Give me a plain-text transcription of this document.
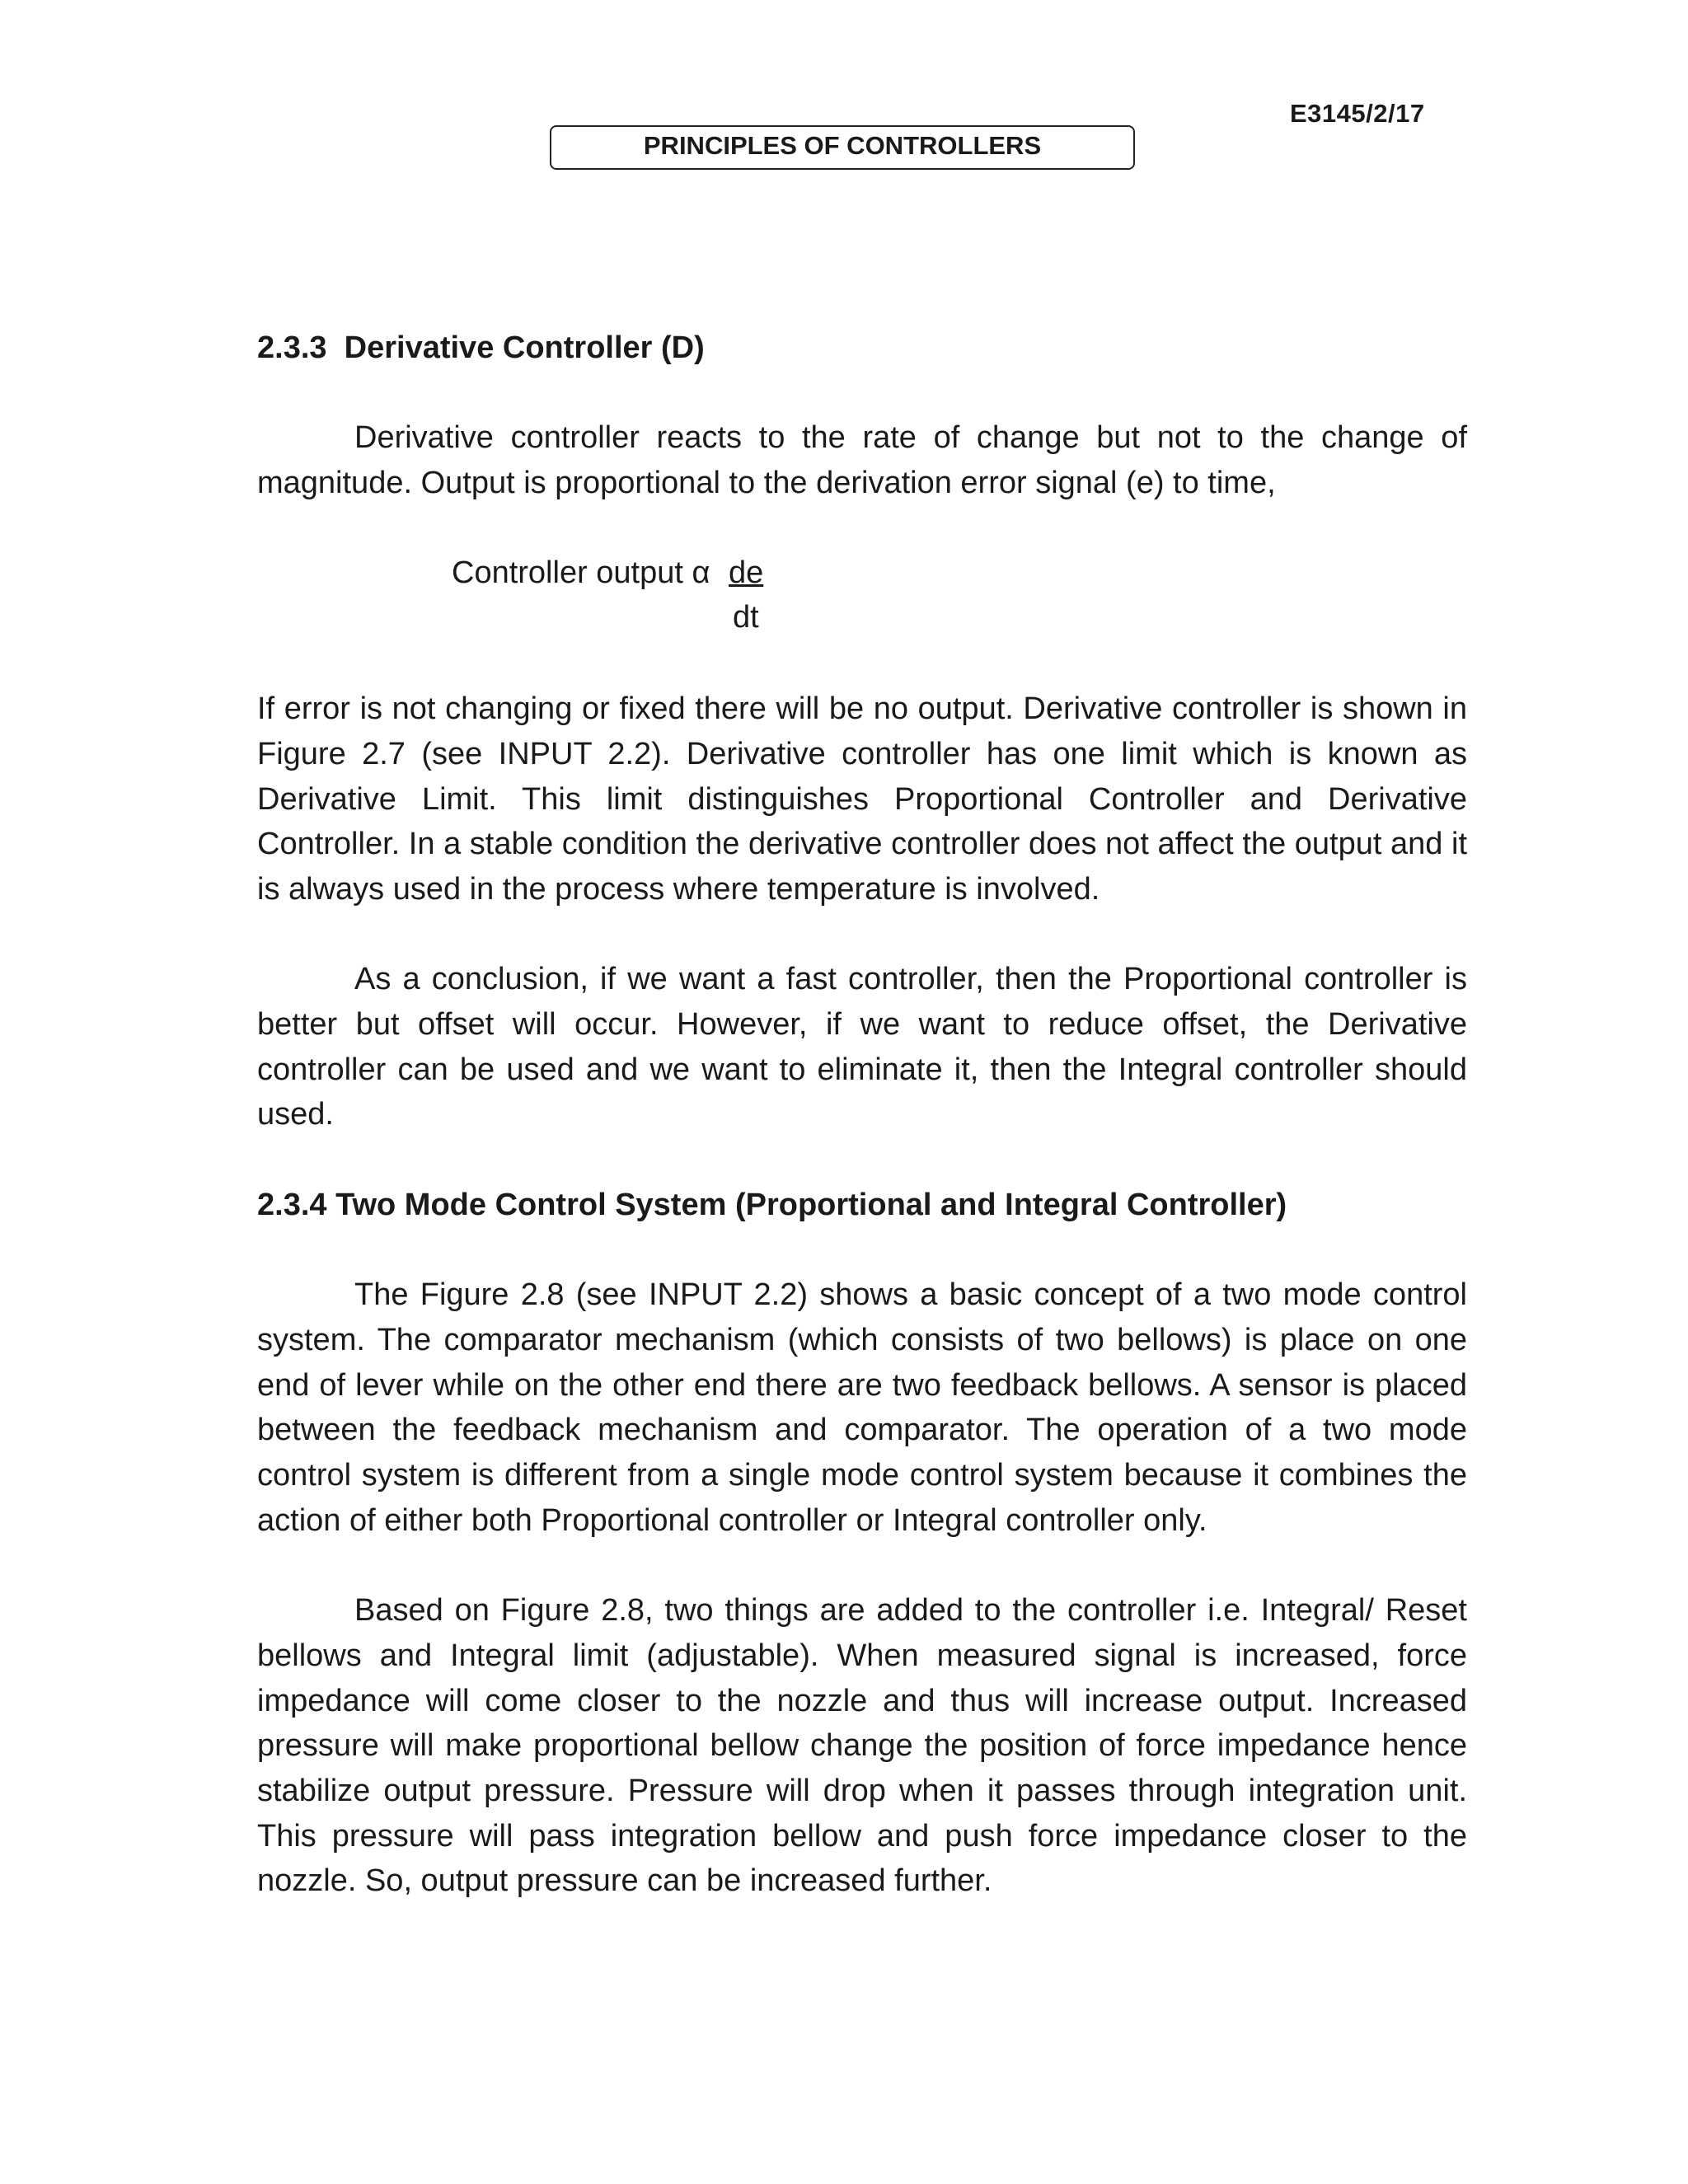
E3145/2/17
PRINCIPLES OF CONTROLLERS
2.3.3 Derivative Controller (D)

Derivative controller reacts to the rate of change but not to the change of magnitude. Output is proportional to the derivation error signal (e) to time,

Controller output α de
dt

If error is not changing or fixed there will be no output. Derivative controller is shown in Figure 2.7 (see INPUT 2.2). Derivative controller has one limit which is known as Derivative Limit. This limit distinguishes Proportional Controller and Derivative Controller. In a stable condition the derivative controller does not affect the output and it is always used in the process where temperature is involved.

As a conclusion, if we want a fast controller, then the Proportional controller is better but offset will occur. However, if we want to reduce offset, the Derivative controller can be used and we want to eliminate it, then the Integral controller should used.

2.3.4 Two Mode Control System (Proportional and Integral Controller)

The Figure 2.8 (see INPUT 2.2) shows a basic concept of a two mode control system. The comparator mechanism (which consists of two bellows) is place on one end of lever while on the other end there are two feedback bellows. A sensor is placed between the feedback mechanism and comparator. The operation of a two mode control system is different from a single mode control system because it combines the action of either both Proportional controller or Integral controller only.

Based on Figure 2.8, two things are added to the controller i.e. Integral/ Reset bellows and Integral limit (adjustable). When measured signal is increased, force impedance will come closer to the nozzle and thus will increase output. Increased pressure will make proportional bellow change the position of force impedance hence stabilize output pressure. Pressure will drop when it passes through integration unit. This pressure will pass integration bellow and push force impedance closer to the nozzle. So, output pressure can be increased further.
